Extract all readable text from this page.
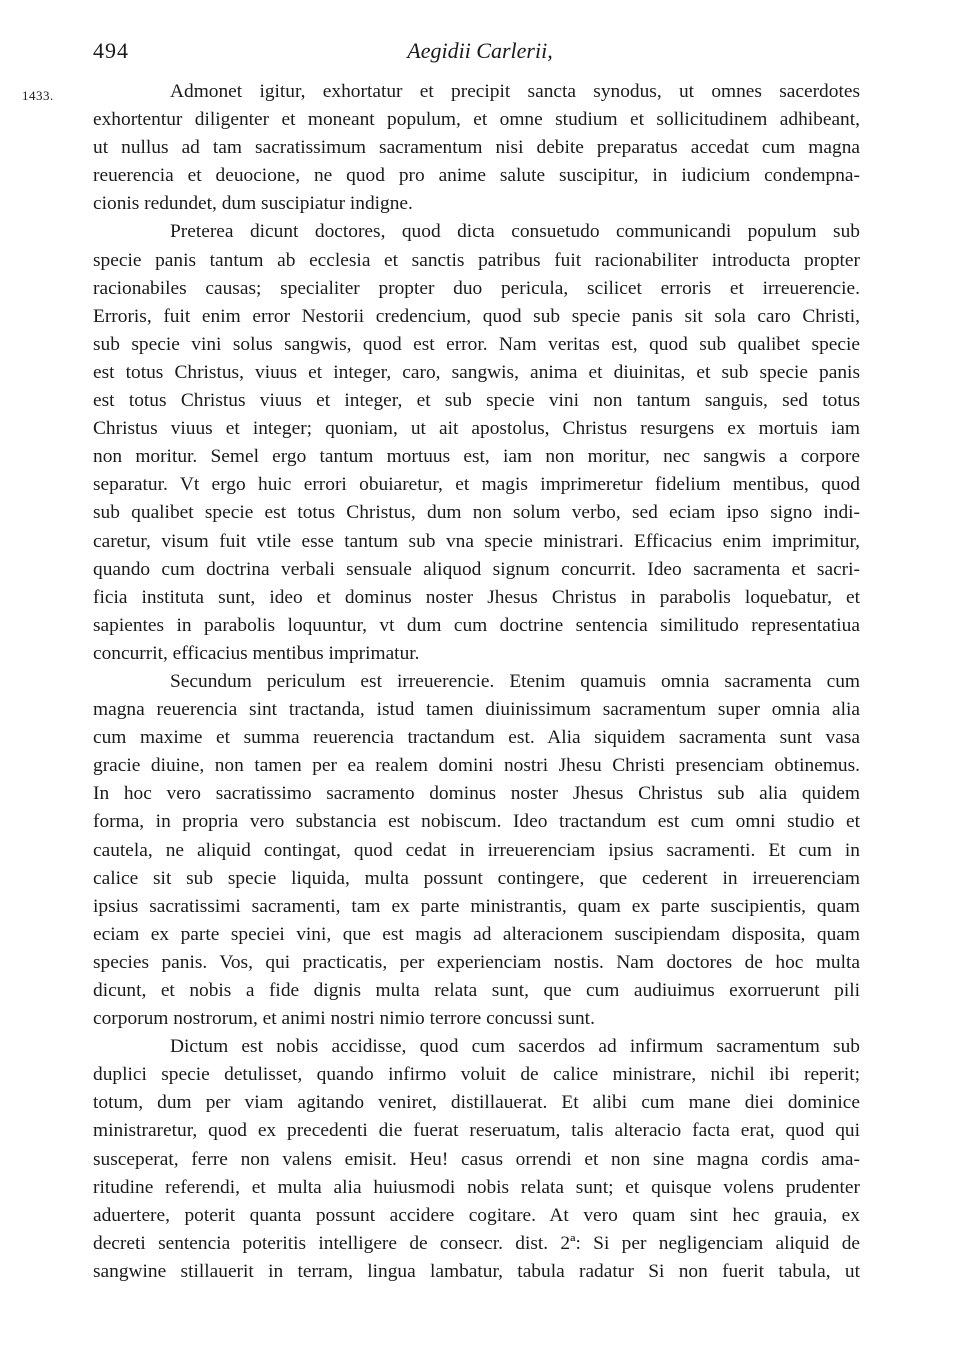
494	Aegidii Carlerii,
1433.	Admonet igitur, exhortatur et precipit sancta synodus, ut omnes sacerdotes
exhortentur diligenter et moneant populum, et omne studium et sollicitudinem adhibeant,
ut nullus ad tam sacratissimum sacramentum nisi debite preparatus accedat cum magna
reuerencia et deuocione, ne quod pro anime salute suscipitur, in iudicium condempna-
cionis redundet, dum suscipiatur indigne.
Preterea dicunt doctores, quod dicta consuetudo communicandi populum sub
specie panis tantum ab ecclesia et sanctis patribus fuit racionabiliter introducta propter
racionabiles causas; specialiter propter duo pericula, scilicet erroris et irreuerencie.
Erroris, fuit enim error Nestorii credencium, quod sub specie panis sit sola caro Christi,
sub specie vini solus sangwis, quod est error. Nam veritas est, quod sub qualibet specie
est totus Christus, viuus et integer, caro, sangwis, anima et diuinitas, et sub specie panis
est totus Christus viuus et integer, et sub specie vini non tantum sanguis, sed totus
Christus viuus et integer; quoniam, ut ait apostolus, Christus resurgens ex mortuis iam
non moritur. Semel ergo tantum mortuus est, iam non moritur, nec sangwis a corpore
separatur. Vt ergo huic errori obuiaretur, et magis imprimeretur fidelium mentibus, quod
sub qualibet specie est totus Christus, dum non solum verbo, sed eciam ipso signo indi-
caretur, visum fuit vtile esse tantum sub vna specie ministrari. Efficacius enim imprimitur,
quando cum doctrina verbali sensuale aliquod signum concurrit. Ideo sacramenta et sacri-
ficia instituta sunt, ideo et dominus noster Jhesus Christus in parabolis loquebatur, et
sapientes in parabolis loquuntur, vt dum cum doctrine sentencia similitudo representatiua
concurrit, efficacius mentibus imprimatur.
Secundum periculum est irreuerencie. Etenim quamuis omnia sacramenta cum
magna reuerencia sint tractanda, istud tamen diuinissimum sacramentum super omnia alia
cum maxime et summa reuerencia tractandum est. Alia siquidem sacramenta sunt vasa
gracie diuine, non tamen per ea realem domini nostri Jhesu Christi presenciam obtinemus.
In hoc vero sacratissimo sacramento dominus noster Jhesus Christus sub alia quidem
forma, in propria vero substancia est nobiscum. Ideo tractandum est cum omni studio et
cautela, ne aliquid contingat, quod cedat in irreuerenciam ipsius sacramenti. Et cum in
calice sit sub specie liquida, multa possunt contingere, que cederent in irreuerenciam
ipsius sacratissimi sacramenti, tam ex parte ministrantis, quam ex parte suscipientis, quam
eciam ex parte speciei vini, que est magis ad alteracionem suscipiendam disposita, quam
species panis. Vos, qui practicatis, per experienciam nostis. Nam doctores de hoc multa
dicunt, et nobis a fide dignis multa relata sunt, que cum audiuimus exorruerunt pili
corporum nostrorum, et animi nostri nimio terrore concussi sunt.
Dictum est nobis accidisse, quod cum sacerdos ad infirmum sacramentum sub
duplici specie detulisset, quando infirmo voluit de calice ministrare, nichil ibi reperit;
totum, dum per viam agitando veniret, distillauerat. Et alibi cum mane diei dominice
ministraretur, quod ex precedenti die fuerat reseruatum, talis alteracio facta erat, quod qui
susceperat, ferre non valens emisit. Heu! casus orrendi et non sine magna cordis ama-
ritudine referendi, et multa alia huiusmodi nobis relata sunt; et quisque volens prudenter
aduertere, poterit quanta possunt accidere cogitare. At vero quam sint hec grauia, ex
decreti sentencia poteritis intelligere de consecr. dist. 2ª: Si per negligenciam aliquid de
sangwine stillauerit in terram, lingua lambatur, tabula radatur Si non fuerit tabula, ut
